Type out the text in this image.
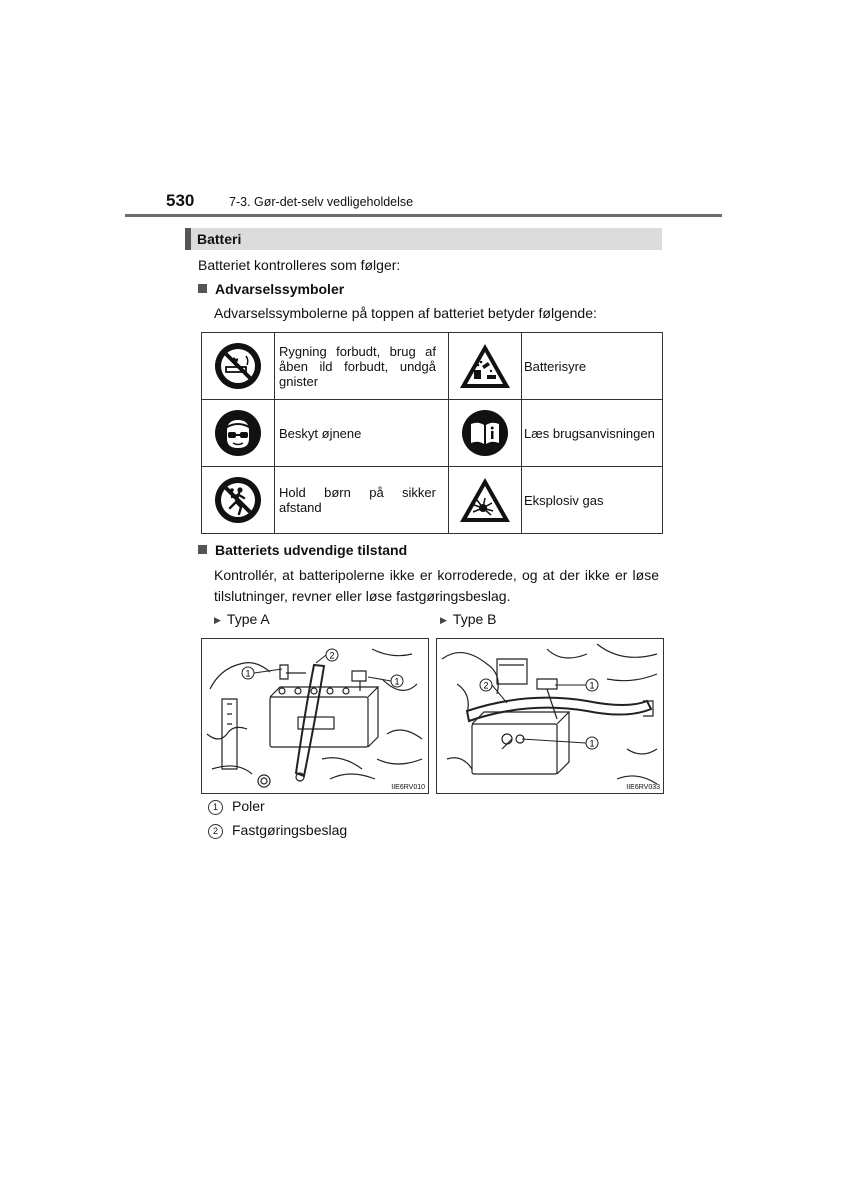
530	7-3. Gør-det-selv vedligeholdelse
Batteri
Batteriet kontrolleres som følger:
Advarselssymboler
Advarselssymbolerne på toppen af batteriet betyder følgende:
	Rygning forbudt, brug af åben ild forbudt, undgå gnister		Batterisyre

	Beskyt øjnene		Læs brugsanvisningen

	Hold børn på sikker afstand		Eksplosiv gas
Batteriets udvendige tilstand
Kontrollér, at batteripolerne ikke er korroderede, og at der ikke er løse tilslutninger, revner eller løse fastgøringsbeslag.
▶ Type A	▶ Type B
1
2
1
IIE6RV010
2	1
1
IIE6RV033
1 Poler
2 Fastgøringsbeslag
